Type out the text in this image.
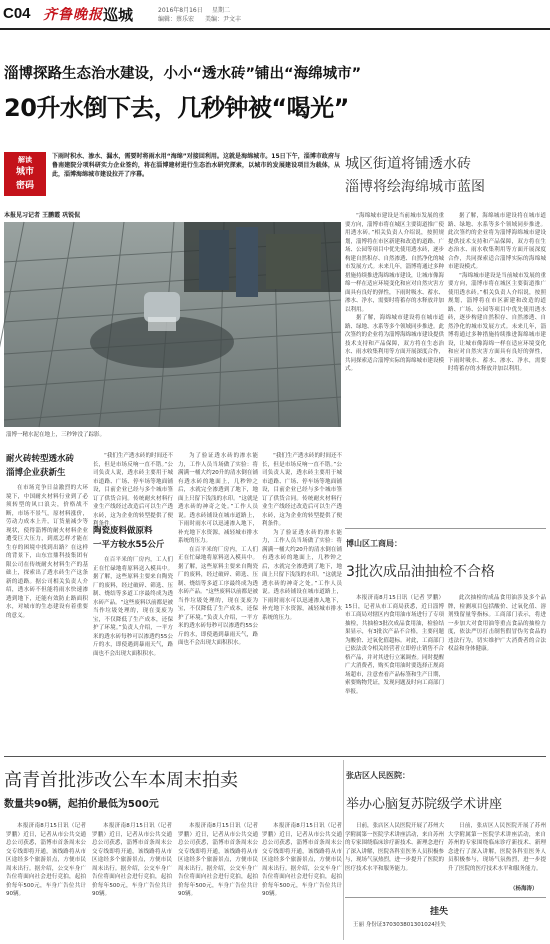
C04 齐鲁晚报 巡城	2016年8月16日 星期二
编辑：蔡乐宏 美编：尹文丰
淄博探路生态治水建设，小小“透水砖”铺出“海绵城市”
20升水倒下去，几秒钟被“喝光”
解读
城市
密码
下雨时积水、渗水、漏水，需要时将雨水用“海绵”对接回利用。这就是海绵城市。15日下午，淄博市政府与鲁南建院分项科研实力企业签约，将在淄博建材进行生态治水研究探索，以城市的发展建设项目为载体，从此，淄博海绵城市建设拉开了序幕。
本报见习记者 王鹏霞 巩锐侃
城区街道将铺透水砖
淄博将绘海绵城市蓝图
淄博一精水泥在地上，三秒钟没了踪影。

“海绵城市建设是当前城市发展的重要方向，淄博市将在城区主要街道推广使用透水砖。”相关负责人介绍说，按照规划，淄博将在市区新建和改造的道路、广场、公园等项目中优先使用透水砖，逐步构建自然积存、自然渗透、自然净化的城市发展方式。未来几年，淄博将通过多种措施持续推进海绵城市建设，让城市像海绵一样在适应环境变化和应对自然灾害方面具有良好的弹性，下雨时吸水、蓄水、渗水、净水，需要时将蓄存的水释放并加以利用。

据了解，海绵城市建设将在城市道路、绿地、水系等多个领域同步推进。此次签约的企业将为淄博海绵城市建设提供技术支持和产品保障，双方将在生态治水、雨水收集利用等方面开展深度合作，共同探索适合淄博实际的海绵城市建设模式。

据了解，海绵城市建设将在城市道路、绿地、水系等多个领域同步推进。此次签约的企业将为淄博海绵城市建设提供技术支持和产品保障，双方将在生态治水、雨水收集利用等方面开展深度合作，共同探索适合淄博实际的海绵城市建设模式。

“海绵城市建设是当前城市发展的重要方向，淄博市将在城区主要街道推广使用透水砖。”相关负责人介绍说，按照规划，淄博将在市区新建和改造的道路、广场、公园等项目中优先使用透水砖，逐步构建自然积存、自然渗透、自然净化的城市发展方式。未来几年，淄博将通过多种措施持续推进海绵城市建设，让城市像海绵一样在适应环境变化和应对自然灾害方面具有良好的弹性，下雨时吸水、蓄水、渗水、净水，需要时将蓄存的水释放并加以利用。

耐火砖转型透水砖
淄博企业获新生

在市场竞争日益激烈的大环境下，中国耐火材料行业到了必须转型的风口浪尖，价格战不断，市场不景气，原材料涨价，劳动力成本上升，订货量减少等现状，使得淄博的耐火材料企业遭受巨大压力，到底怎样才能在生存的困境中找到出路？在这样的背景下，山东宜鼎科技集团有限公司在传统耐火材料生产的基础上，探索出了透水砖生产这条新的道路。据公司相关负责人介绍，透水砖不但能将雨水快速渗透到地下，还能有效防止路面积水，对城市的生态建设有着重要的意义。

“我们生产透水砖的时间还不长，但是市场反响一直不错。”公司负责人说，透水砖主要用于城市道路、广场、停车场等地面铺设，目前企业已经与多个城市签订了供货合同。传统耐火材料行业生产线经过改造后可以生产透水砖，这为企业的转型提供了便利条件。

陶瓷废料做原料
一平方较水55公斤

在百平米的厂房内，工人们正在忙碌地将原料送入模具中。据了解，这些原料主要来自陶瓷厂的废料，经过破碎、筛选、压制、烧结等多道工序最终成为透水砖产品。“这些废料以前都是被当作垃圾处理的，现在变废为宝，不仅降低了生产成本，还保护了环境。”负责人介绍，一平方米的透水砖每秒可以渗透约55公斤的水，即使遇到暴雨天气，路面也不会出现大面积积水。

为了验证透水砖的渗水能力，工作人员当场做了实验：将满满一桶大约20升的清水倒在铺有透水砖的地面上，几秒钟之后，水就完全渗透到了地下，地面上只留下浅浅的水印。“这就是透水砖的神奇之处。”工作人员说。透水砖铺设在城市道路上，下雨时雨水可以迅速渗入地下，补充地下水资源，减轻城市排水系统的压力。

在百平米的厂房内，工人们正在忙碌地将原料送入模具中。据了解，这些原料主要来自陶瓷厂的废料，经过破碎、筛选、压制、烧结等多道工序最终成为透水砖产品。“这些废料以前都是被当作垃圾处理的，现在变废为宝，不仅降低了生产成本，还保护了环境。”负责人介绍，一平方米的透水砖每秒可以渗透约55公斤的水，即使遇到暴雨天气，路面也不会出现大面积积水。

“我们生产透水砖的时间还不长，但是市场反响一直不错。”公司负责人说，透水砖主要用于城市道路、广场、停车场等地面铺设，目前企业已经与多个城市签订了供货合同。传统耐火材料行业生产线经过改造后可以生产透水砖，这为企业的转型提供了便利条件。

为了验证透水砖的渗水能力，工作人员当场做了实验：将满满一桶大约20升的清水倒在铺有透水砖的地面上，几秒钟之后，水就完全渗透到了地下，地面上只留下浅浅的水印。“这就是透水砖的神奇之处。”工作人员说。透水砖铺设在城市道路上，下雨时雨水可以迅速渗入地下，补充地下水资源，减轻城市排水系统的压力。

博山区工商局：
3批次成品油抽检不合格

本报济南8月15日讯（记者 罗鹏）15日，记者从市工商局获悉，近日淄博市工商局对辖区内食用油市场进行了专项抽检，共抽检3批次成品食用油，检验结果显示，有3批次产品不合格，主要问题为酸价、过氧化值超标。对此，工商部门已依法责令相关经营者立即停止销售不合格产品，并对其进行立案调查。同时提醒广大消费者，购买食用油时要选择正规商场超市，注意查看产品标签和生产日期，索要购物凭证，发现问题及时向工商部门举报。

此次抽检的成品食用油涉及多个品牌，检测项目包括酸价、过氧化值、溶剂残留量等指标。工商部门表示，将进一步加大对食用油等重点食品的抽检力度，依法严厉打击制售假冒伪劣食品的违法行为，切实维护广大消费者的合法权益和身体健康。

高青首批涉改公车本周末拍卖
数量共90辆，起拍价最低为500元

本报济南8月15日讯（记者 罗鹏）近日，记者从市公共交通总公司获悉，淄博市首条周末公交专线即将开通，该线路将从市区途经多个旅游景点，方便市民周末出行。据介绍，公交车身广告位将面向社会进行竞拍，起拍价每年500元，车身广告位共计90辆。

本报济南8月15日讯（记者 罗鹏）近日，记者从市公共交通总公司获悉，淄博市首条周末公交专线即将开通，该线路将从市区途经多个旅游景点，方便市民周末出行。据介绍，公交车身广告位将面向社会进行竞拍，起拍价每年500元，车身广告位共计90辆。

本报济南8月15日讯（记者 罗鹏）近日，记者从市公共交通总公司获悉，淄博市首条周末公交专线即将开通，该线路将从市区途经多个旅游景点，方便市民周末出行。据介绍，公交车身广告位将面向社会进行竞拍，起拍价每年500元，车身广告位共计90辆。

本报济南8月15日讯（记者 罗鹏）近日，记者从市公共交通总公司获悉，淄博市首条周末公交专线即将开通，该线路将从市区途经多个旅游景点，方便市民周末出行。据介绍，公交车身广告位将面向社会进行竞拍，起拍价每年500元，车身广告位共计90辆。

张店区人民医院：
举办心脑复苏院级学术讲座

日前，张店区人民医院开展了苏州大学附属第一医院学术讲座活动，来自苏州的专家围绕临床诊疗新技术、新理念进行了深入讲解，医院各科室医务人员积极参与，现场气氛热烈，进一步提升了医院的医疗技术水平和服务能力。

日前，张店区人民医院开展了苏州大学附属第一医院学术讲座活动，来自苏州的专家围绕临床诊疗新技术、新理念进行了深入讲解，医院各科室医务人员积极参与，现场气氛热烈，进一步提升了医院的医疗技术水平和服务能力。

（杨海涛）
挂失
王丽 身份证370303801301024挂失
